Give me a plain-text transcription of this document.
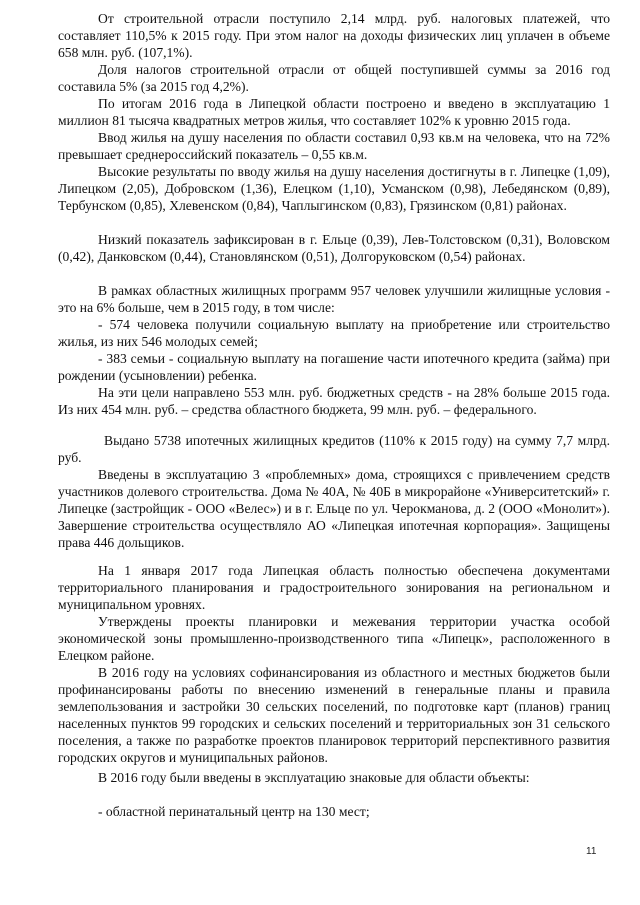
От строительной отрасли поступило 2,14 млрд. руб. налоговых платежей, что составляет 110,5% к 2015 году. При этом налог на доходы физических лиц уплачен в объеме 658 млн. руб. (107,1%).

Доля налогов строительной отрасли от общей поступившей суммы за 2016 год составила 5% (за 2015 год 4,2%).

По итогам 2016 года в Липецкой области построено и введено в эксплуатацию 1 миллион 81 тысяча квадратных метров жилья, что составляет 102% к уровню 2015 года.

Ввод жилья на душу населения по области составил 0,93 кв.м на человека, что на 72% превышает среднероссийский показатель – 0,55 кв.м.

Высокие результаты по вводу жилья на душу населения достигнуты в г. Липецке (1,09), Липецком (2,05), Добровском (1,36), Елецком (1,10), Усманском (0,98), Лебедянском (0,89), Тербунском (0,85), Хлевенском (0,84), Чаплыгинском (0,83), Грязинском (0,81) районах.

Низкий показатель зафиксирован в г. Ельце (0,39), Лев-Толстовском (0,31), Воловском (0,42), Данковском (0,44), Становлянском (0,51), Долгоруковском (0,54) районах.

В рамках областных жилищных программ 957 человек улучшили жилищные условия - это на 6% больше, чем в 2015 году, в том числе:

- 574 человека получили социальную выплату на приобретение или строительство жилья, из них 546 молодых семей;

- 383 семьи - социальную выплату на погашение части ипотечного кредита (займа) при рождении (усыновлении) ребенка.

На эти цели направлено 553 млн. руб. бюджетных средств - на 28% больше 2015 года. Из них 454 млн. руб. – средства областного бюджета, 99 млн. руб. – федерального.

Выдано 5738 ипотечных жилищных кредитов (110% к 2015 году) на сумму 7,7 млрд. руб.

Введены в эксплуатацию 3 «проблемных» дома, строящихся с привлечением средств участников долевого строительства. Дома № 40А, № 40Б в микрорайоне «Университетский» г. Липецке (застройщик - ООО «Велес») и в г. Ельце по ул. Черокманова, д. 2 (ООО «Монолит»). Завершение строительства осуществляло АО «Липецкая ипотечная корпорация». Защищены права 446 дольщиков.

На 1 января 2017 года Липецкая область полностью обеспечена документами территориального планирования и градостроительного зонирования на региональном и муниципальном уровнях.

Утверждены проекты планировки и межевания территории участка особой экономической зоны промышленно-производственного типа «Липецк», расположенного в Елецком районе.

В 2016 году на условиях софинансирования из областного и местных бюджетов были профинансированы работы по внесению изменений в генеральные планы и правила землепользования и застройки 30 сельских поселений, по подготовке карт (планов) границ населенных пунктов 99 городских и сельских поселений и территориальных зон 31 сельского поселения, а также по разработке проектов планировок территорий перспективного развития городских округов и муниципальных районов.

В 2016 году были введены в эксплуатацию знаковые для области объекты:

- областной перинатальный центр на 130 мест;

11
